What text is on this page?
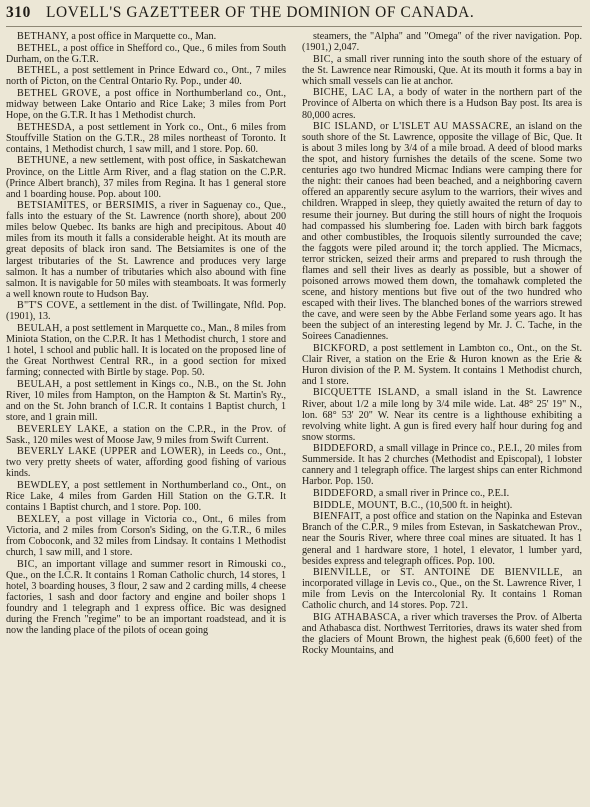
310 LOVELL'S GAZETTEER OF THE DOMINION OF CANADA.

BETHANY, a post office in Marquette co., Man.

BETHEL, a post office in Shefford co., Que., 6 miles from South Durham, on the G.T.R.

BETHEL, a post settlement in Prince Edward co., Ont., 7 miles north of Picton, on the Central Ontario Ry. Pop., under 40.

BETHEL GROVE, a post office in Northumberland co., Ont., midway between Lake Ontario and Rice Lake; 3 miles from Port Hope, on the G.T.R. It has 1 Methodist church.

BETHESDA, a post settlement in York co., Ont., 6 miles from Stouffville Station on the G.T.R., 28 miles northeast of Toronto. It contains, 1 Methodist church, 1 saw mill, and 1 store. Pop. 60.

BETHUNE, a new settlement, with post office, in Saskatchewan Province, on the Little Arm River, and a flag station on the C.P.R. (Prince Albert branch), 37 miles from Regina. It has 1 general store and 1 boarding house. Pop. about 100.

BETSIAMITES, or BERSIMIS, a river in Saguenay co., Que., falls into the estuary of the St. Lawrence (north shore), about 200 miles below Quebec. Its banks are high and precipitous. About 40 miles from its mouth it falls a considerable height. At its mouth are great deposits of black iron sand. The Betsiamites is one of the largest tributaries of the St. Lawrence and produces very large salmon. It has a number of tributaries which also abound with fine salmon. It is navigable for 50 miles with steamboats. It was formerly a well known route to Hudson Bay.

B"T'S COVE, a settlement in the dist. of Twillingate, Nfld. Pop. (1901), 13.

BEULAH, a post settlement in Marquette co., Man., 8 miles from Miniota Station, on the C.P.R. It has 1 Methodist church, 1 store and 1 hotel, 1 school and public hall. It is located on the proposed line of the Great Northwest Central RR., in a good section for mixed farming; connected with Birtle by stage. Pop. 50.

BEULAH, a post settlement in Kings co., N.B., on the St. John River, 10 miles from Hampton, on the Hampton & St. Martin's Ry., and on the St. John branch of I.C.R. It contains 1 Baptist church, 1 store, and 1 grain mill.

BEVERLEY LAKE, a station on the C.P.R., in the Prov. of Sask., 120 miles west of Moose Jaw, 9 miles from Swift Current.

BEVERLY LAKE (UPPER and LOWER), in Leeds co., Ont., two very pretty sheets of water, affording good fishing of various kinds.

BEWDLEY, a post settlement in Northumberland co., Ont., on Rice Lake, 4 miles from Garden Hill Station on the G.T.R. It contains 1 Baptist church, and 1 store. Pop. 100.

BEXLEY, a post village in Victoria co., Ont., 6 miles from Victoria, and 2 miles from Corson's Siding, on the G.T.R., 6 miles from Coboconk, and 32 miles from Lindsay. It contains 1 Methodist church, 1 saw mill, and 1 store.

BIC, an important village and summer resort in Rimouski co., Que., on the I.C.R. It contains 1 Roman Catholic church, 14 stores, 1 hotel, 3 boarding houses, 3 flour, 2 saw and 2 carding mills, 4 cheese factories, 1 sash and door factory and engine and boiler shops 1 foundry and 1 telegraph and 1 express office. Bic was designed during the French "regime" to be an important roadstead, and it is now the landing place of the pilots of ocean going

steamers, the "Alpha" and "Omega" of the river navigation. Pop. (1901,) 2,047.

BIC, a small river running into the south shore of the estuary of the St. Lawrence near Rimouski, Que. At its mouth it forms a bay in which small vessels can lie at anchor.

BICHE, LAC LA, a body of water in the northern part of the Province of Alberta on which there is a Hudson Bay post. Its area is 80,000 acres.

BIC ISLAND, or L'ISLET AU MASSACRE, an island on the south shore of the St. Lawrence, opposite the village of Bic, Que. It is about 3 miles long by 3/4 of a mile broad. A deed of blood marks the spot, and history furnishes the details of the scene. Some two centuries ago two hundred Micmac Indians were camping there for the night: their canoes had been beached, and a neighboring cavern offered an apparently secure asylum to the warriors, their wives and children. Wrapped in sleep, they quietly awaited the return of day to resume their journey. But during the still hours of night the Iroquois had compassed his slumbering foe. Laden with birch bark faggots and other combustibles, the Iroquois silently surrounded the cave; the faggots were piled around it; the torch applied. The Micmacs, terror stricken, seized their arms and prepared to rush through the flames and sell their lives as dearly as possible, but a shower of poisoned arrows mowed them down, the tomahawk completed the scene, and history mentions but five out of the two hundred who escaped with their lives. The blanched bones of the warriors strewed the cave, and were seen by the Abbe Ferland some years ago. It has been the subject of an interesting legend by Mr. J. C. Tache, in the Soirees Canadiennes.

BICKFORD, a post settlement in Lambton co., Ont., on the St. Clair River, a station on the Erie & Huron known as the Erie & Huron division of the P. M. System. It contains 1 Methodist church, and 1 store.

BICQUETTE ISLAND, a small island in the St. Lawrence River, about 1/2 a mile long by 3/4 mile wide. Lat. 48° 25' 19" N., lon. 68° 53' 20" W. Near its centre is a lighthouse exhibiting a revolving white light. A gun is fired every half hour during fog and snow storms.

BIDDEFORD, a small village in Prince co., P.E.I., 20 miles from Summerside. It has 2 churches (Methodist and Episcopal), 1 lobster cannery and 1 telegraph office. The largest ships can enter Richmond Harbor. Pop. 150.

BIDDEFORD, a small river in Prince co., P.E.I.

BIDDLE, MOUNT, B.C., (10,500 ft. in height).

BIENFAIT, a post office and station on the Napinka and Estevan Branch of the C.P.R., 9 miles from Estevan, in Saskatchewan Prov., near the Souris River, where three coal mines are situated. It has 1 general and 1 hardware store, 1 hotel, 1 elevator, 1 lumber yard, besides express and telegraph offices. Pop. 100.

BIENVILLE, or ST. ANTOINE DE BIENVILLE, an incorporated village in Levis co., Que., on the St. Lawrence River, 1 mile from Levis on the Intercolonial Ry. It contains 1 Roman Catholic church, and 14 stores. Pop. 721.

BIG ATHABASCA, a river which traverses the Prov. of Alberta and Athabasca dist. Northwest Territories, draws its water shed from the glaciers of Mount Brown, the highest peak (6,600 feet) of the Rocky Mountains, and
